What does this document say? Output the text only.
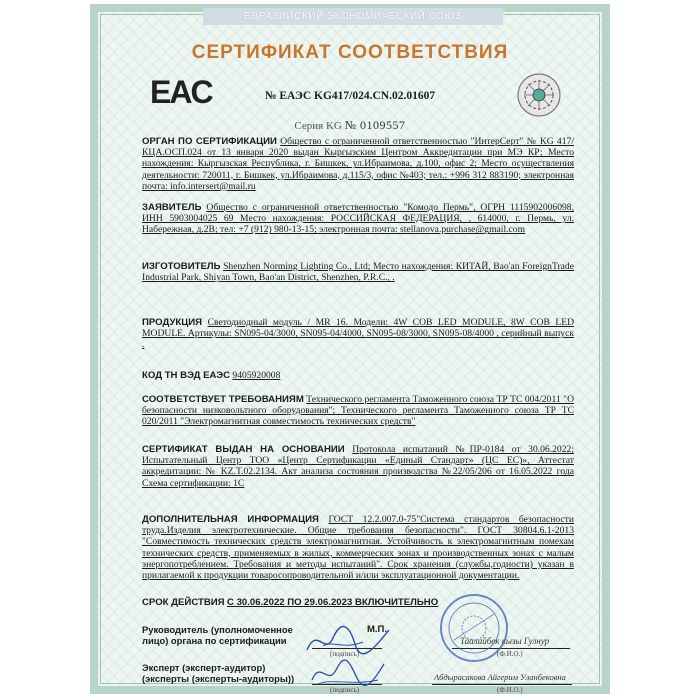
ЕВРАЗИЙСКИЙ ЭКОНОМИЧЕСКИЙ СОЮЗ
СЕРТИФИКАТ СООТВЕТСТВИЯ
EAC	№ ЕАЭС KG417/024.CN.02.01607
Серия KG № 0109557
ОРГАН ПО СЕРТИФИКАЦИИ Общество с ограниченной ответственностью "ИнтерСерт" № KG 417/КЦА.ОСП.024 от 13 января 2020 выдан Кыргызским Центром Аккредитации при МЭ КР; Место нахождения: Кыргызская Республика, г. Бишкек, ул.Ибраимова, д.100, офис 2; Место осуществления деятельности: 720011, г. Бишкек, ул.Ибраимова, д.115/3, офис №403; тел.: +996 312 883190; электронная почта: info.intersert@mail.ru
ЗАЯВИТЕЛЬ Общество с ограниченной ответственностью "Комодо Пермь", ОГРН 1115902006098, ИНН 5903004025 69 Место нахождения: РОССИЙСКАЯ ФЕДЕРАЦИЯ, , 614000, г. Пермь, ул. Набережная, д.2В; тел: +7 (912) 980-13-15; электронная почта: stellanova.purchase@gmail.com
ИЗГОТОВИТЕЛЬ Shenzhen Norming Lighting Co., Ltd; Место нахождения: КИТАЙ, Bao'an ForeignTrade Industrial Park, Shiyan Town, Bao'an District, Shenzhen, P.R.C., .
ПРОДУКЦИЯ Светодиодный модуль / MR 16. Модели: 4W COB LED MODULE, 8W COB LED MODULE. Артикулы: SN095-04/3000, SN095-04/4000, SN095-08/3000, SN095-08/4000 , серийный выпуск .
КОД ТН ВЭД ЕАЭС 9405920008
СООТВЕТСТВУЕТ ТРЕБОВАНИЯМ Технического регламента Таможенного союза ТР ТС 004/2011 "О безопасности низковольтного оборудования"; Технического регламента Таможенного союза ТР ТС 020/2011 "Электромагнитная совместимость технических средств"
СЕРТИФИКАТ ВЫДАН НА ОСНОВАНИИ Протокола испытаний №ПР-0184 от 30.06.2022; Испытательный Центр ТОО «Центр Сертификации «Единый Стандарт» (ЦС ЕС)», Аттестат аккредитации: № KZ.T.02.2134. Акт анализа состояния производства №22/05/206 от 16.05.2022 года Схема сертификации: 1С
ДОПОЛНИТЕЛЬНАЯ ИНФОРМАЦИЯ ГОСТ 12.2.007.0-75"Система стандартов безопасности труда.Изделия электротехнические. Общие требования безопасности". ГОСТ 30804.6.1-2013 "Совместимость технических средств электромагнитная. Устойчивость к электромагнитным помехам технических средств, применяемых в жилых, коммерческих зонах и производственных зонах с малым энергопотреблением. Требования и методы испытаний". Срок хранения (службы,годности) указан в прилагаемой к продукции товаросопроводительной и/или эксплуатационной документации.
СРОК ДЕЙСТВИЯ С 30.06.2022 ПО 29.06.2023 ВКЛЮЧИТЕЛЬНО
Руководитель (уполномоченное
лицо) органа по сертификации
М.П.
(подпись)
Таалайбек кызы Гулнур
(Ф.И.О.)
Эксперт (эксперт-аудитор)
(эксперты (эксперты-аудиторы))
(подпись)
Абдырасакова Айгерим Уланбековна
(Ф.И.О.)
